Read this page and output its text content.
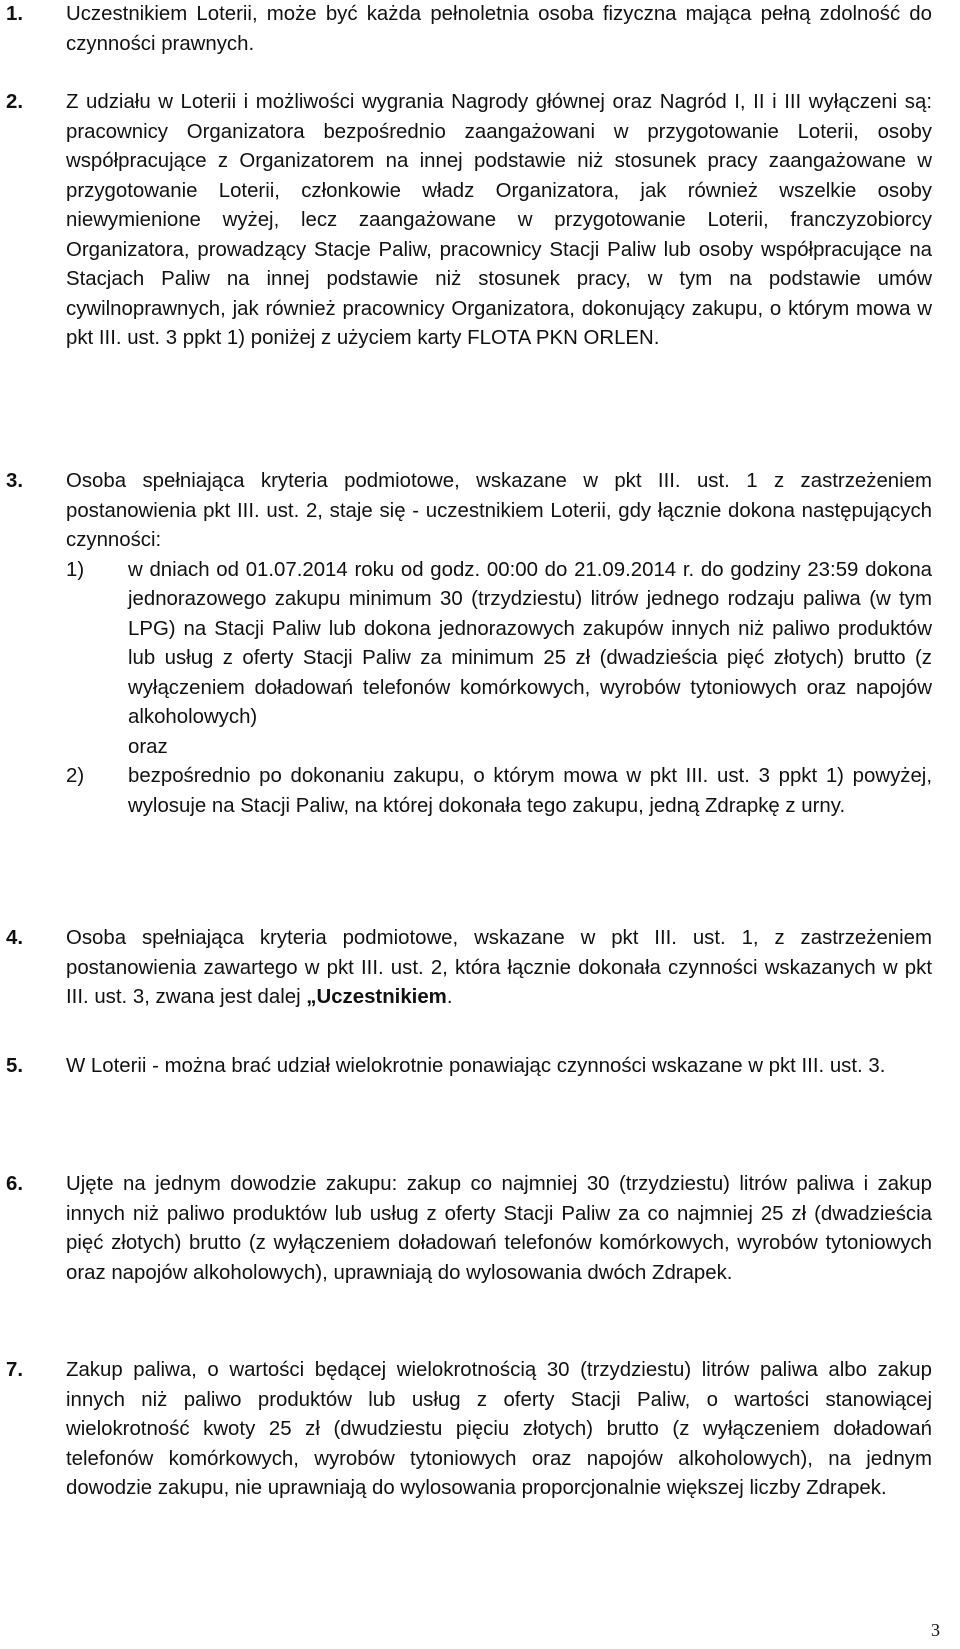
1. Uczestnikiem Loterii, może być każda pełnoletnia osoba fizyczna mająca pełną zdolność do czynności prawnych.
2. Z udziału w Loterii i możliwości wygrania Nagrody głównej oraz Nagród I, II i III wyłączeni są: pracownicy Organizatora bezpośrednio zaangażowani w przygotowanie Loterii, osoby współpracujące z Organizatorem na innej podstawie niż stosunek pracy zaangażowane w przygotowanie Loterii, członkowie władz Organizatora, jak również wszelkie osoby niewymienione wyżej, lecz zaangażowane w przygotowanie Loterii, franczyzobiorcy Organizatora, prowadzący Stacje Paliw, pracownicy Stacji Paliw lub osoby współpracujące na Stacjach Paliw na innej podstawie niż stosunek pracy, w tym na podstawie umów cywilnoprawnych, jak również pracownicy Organizatora, dokonujący zakupu, o którym mowa w pkt III. ust. 3 ppkt 1) poniżej z użyciem karty FLOTA PKN ORLEN.
3. Osoba spełniająca kryteria podmiotowe, wskazane w pkt III. ust. 1 z zastrzeżeniem postanowienia pkt III. ust. 2, staje się - uczestnikiem Loterii, gdy łącznie dokona następujących czynności:
1) w dniach od 01.07.2014 roku od godz. 00:00 do 21.09.2014 r. do godziny 23:59 dokona jednorazowego zakupu minimum 30 (trzydziestu) litrów jednego rodzaju paliwa (w tym LPG) na Stacji Paliw lub dokona jednorazowych zakupów innych niż paliwo produktów lub usług z oferty Stacji Paliw za minimum 25 zł (dwadzieścia pięć złotych) brutto (z wyłączeniem doładowań telefonów komórkowych, wyrobów tytoniowych oraz napojów alkoholowych)
oraz
2) bezpośrednio po dokonaniu zakupu, o którym mowa w pkt III. ust. 3 ppkt 1) powyżej, wylosuje na Stacji Paliw, na której dokonała tego zakupu, jedną Zdrapkę z urny.
4. Osoba spełniająca kryteria podmiotowe, wskazane w pkt III. ust. 1, z zastrzeżeniem postanowienia zawartego w pkt III. ust. 2, która łącznie dokonała czynności wskazanych w pkt III. ust. 3, zwana jest dalej „Uczestnikiem.
5. W Loterii - można brać udział wielokrotnie ponawiając czynności wskazane w pkt III. ust. 3.
6. Ujęte na jednym dowodzie zakupu: zakup co najmniej 30 (trzydziestu) litrów paliwa i zakup innych niż paliwo produktów lub usług z oferty Stacji Paliw za co najmniej 25 zł (dwadzieścia pięć złotych) brutto (z wyłączeniem doładowań telefonów komórkowych, wyrobów tytoniowych oraz napojów alkoholowych), uprawniają do wylosowania dwóch Zdrapek.
7. Zakup paliwa, o wartości będącej wielokrotnością 30 (trzydziestu) litrów paliwa albo zakup innych niż paliwo produktów lub usług z oferty Stacji Paliw, o wartości stanowiącej wielokrotność kwoty 25 zł (dwudziestu pięciu złotych) brutto (z wyłączeniem doładowań telefonów komórkowych, wyrobów tytoniowych oraz napojów alkoholowych), na jednym dowodzie zakupu, nie uprawniają do wylosowania proporcjonalnie większej liczby Zdrapek.
3
